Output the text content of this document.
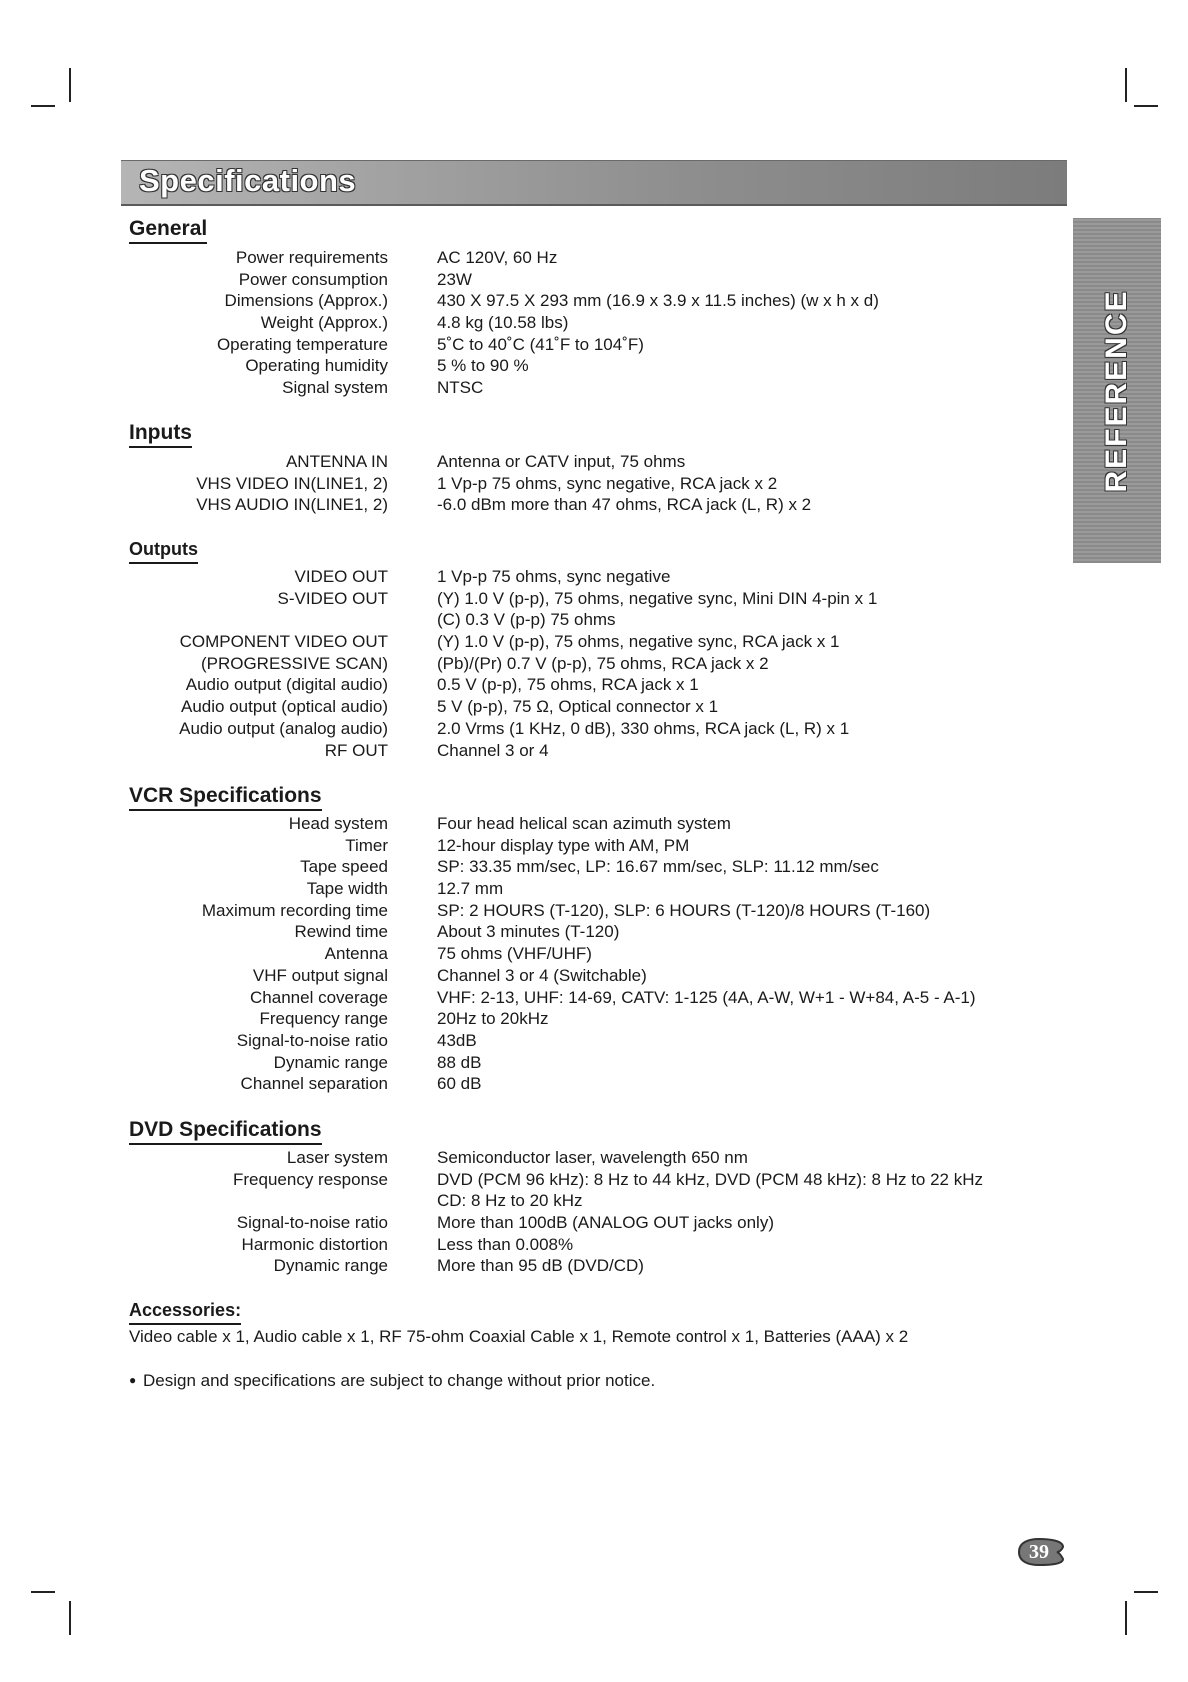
Specifications
REFERENCE
General
Power requirements	AC 120V, 60 Hz
Power consumption	23W
Dimensions (Approx.)	430 X 97.5 X 293 mm (16.9 x 3.9 x 11.5 inches) (w x h x d)
Weight (Approx.)	4.8 kg (10.58 lbs)
Operating temperature	5˚C to 40˚C (41˚F to 104˚F)
Operating humidity	5 % to 90 %
Signal system	NTSC
Inputs
ANTENNA IN	Antenna or CATV input, 75 ohms
VHS VIDEO IN(LINE1, 2)	1 Vp-p 75 ohms, sync negative, RCA jack x 2
VHS AUDIO IN(LINE1, 2)	-6.0 dBm more than 47 ohms, RCA jack (L, R) x 2
Outputs
VIDEO OUT	1 Vp-p 75 ohms, sync negative
S-VIDEO OUT	(Y) 1.0 V (p-p), 75 ohms, negative sync, Mini DIN 4-pin x 1
(C) 0.3 V (p-p) 75 ohms
COMPONENT VIDEO OUT	(Y) 1.0 V (p-p), 75 ohms, negative sync, RCA jack x 1
(PROGRESSIVE SCAN)	(Pb)/(Pr) 0.7 V (p-p), 75 ohms, RCA jack x 2
Audio output (digital audio)	0.5 V (p-p), 75 ohms, RCA jack x 1
Audio output (optical audio)	5 V (p-p), 75 Ω, Optical connector x 1
Audio output (analog audio)	2.0 Vrms (1 KHz, 0 dB), 330 ohms, RCA jack (L, R) x 1
RF OUT	Channel 3 or 4
VCR Specifications
Head system	Four head helical scan azimuth system
Timer	12-hour display type with AM, PM
Tape speed	SP: 33.35 mm/sec, LP: 16.67 mm/sec, SLP: 11.12 mm/sec
Tape width	12.7 mm
Maximum recording time	SP: 2 HOURS (T-120), SLP: 6 HOURS (T-120)/8 HOURS (T-160)
Rewind time	About 3 minutes (T-120)
Antenna	75 ohms (VHF/UHF)
VHF output signal	Channel 3 or 4 (Switchable)
Channel coverage	VHF: 2-13, UHF: 14-69, CATV: 1-125 (4A, A-W, W+1 - W+84, A-5 - A-1)
Frequency range	20Hz to 20kHz
Signal-to-noise ratio	43dB
Dynamic range	88 dB
Channel separation	60 dB
DVD Specifications
Laser system	Semiconductor laser, wavelength 650 nm
Frequency response	DVD (PCM 96 kHz): 8 Hz to 44 kHz, DVD (PCM 48 kHz): 8 Hz to 22 kHz
CD: 8 Hz to 20 kHz
Signal-to-noise ratio	More than 100dB (ANALOG OUT jacks only)
Harmonic distortion	Less than 0.008%
Dynamic range	More than 95 dB (DVD/CD)
Accessories:
Video cable x 1, Audio cable x 1, RF 75-ohm Coaxial Cable x 1, Remote control x 1, Batteries (AAA) x 2
● Design and specifications are subject to change without prior notice.
39
